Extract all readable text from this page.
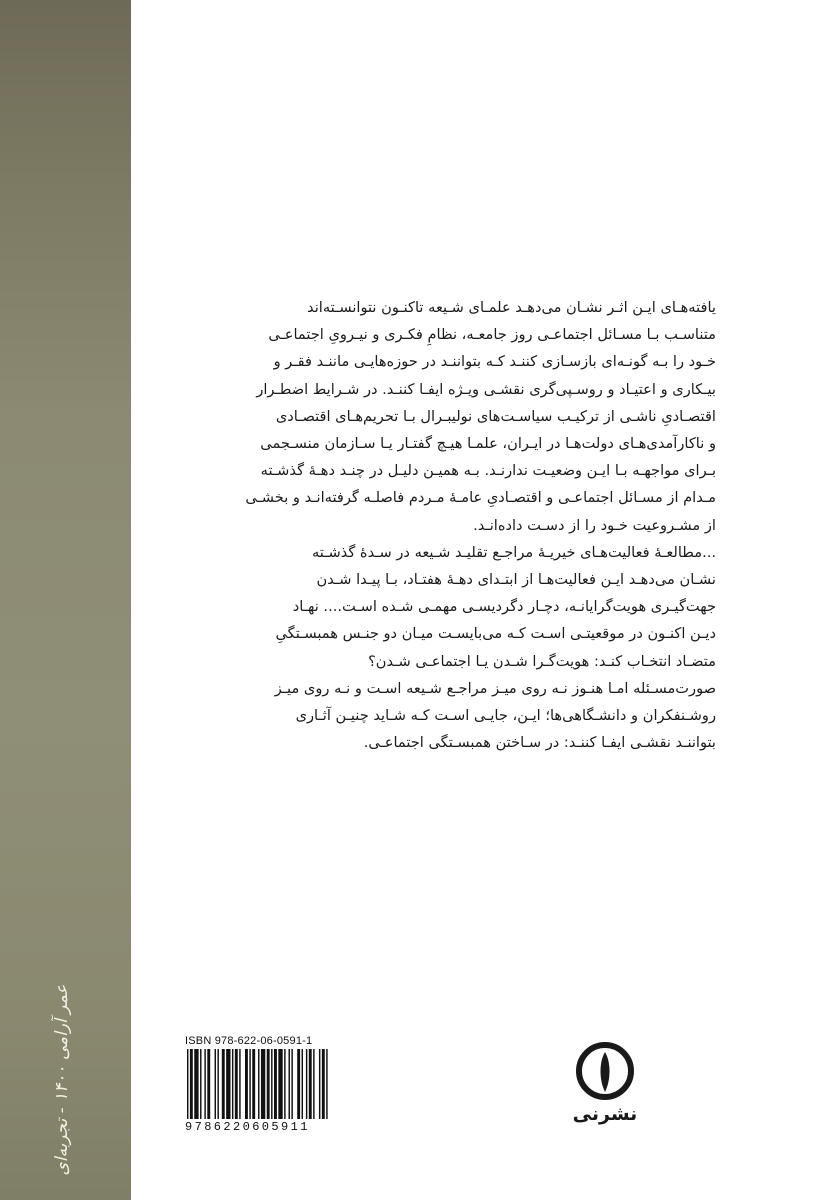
عمر آرامی ۱۴۰۰ - تجربه‌ای

یافته‌هـای ایـن اثـر نشـان می‌دهـد علمـای شـیعه تاکنـون نتوانسـته‌اند

متناسـب بـا مسـائل اجتماعـی روز جامعـه، نظامِ فکـری و نیـرویِ اجتماعـی

خـود را بـه گونـه‌ای بازسـازی کننـد کـه بتواننـد در حوزه‌هایـی ماننـد فقـر و

بیـکاری و اعتیـاد و روسـپی‌گری نقشـی ویـژه ایفـا کننـد. در شـرایط اضطـرار

اقتصـادیِ ناشـی از ترکیـب سیاسـت‌های نولیبـرال بـا تحریم‌هـای اقتصـادی

و ناکارآمدی‌هـای دولت‌هـا در ایـران، علمـا هیـچ گفتـار یـا سـازمان منسـجمی

بـرای مواجهـه بـا ایـن وضعیـت ندارنـد. بـه همیـن دلیـل در چنـد دهـهٔ گذشـته

مـدام از مسـائل اجتماعـی و اقتصـادیِ عامـهٔ مـردم فاصلـه گرفته‌انـد و بخشـی

از مشـروعیت خـود را از دسـت داده‌انـد.

...مطالعـهٔ فعالیت‌هـای خیریـهٔ مراجـع تقلیـد شـیعه در سـدهٔ گذشـته

نشـان می‌دهـد ایـن فعالیت‌هـا از ابتـدای دهـهٔ هفتـاد، بـا پیـدا شـدن

جهت‌گیـری هویت‌گرایانـه، دچـار دگردیسـی مهمـی شـده اسـت.... نهـاد

دیـن اکنـون در موقعیتـی اسـت کـه می‌بایسـت میـان دو جنـس همبسـتگیِ

متضـاد انتخـاب کنـد: هویت‌گـرا شـدن یـا اجتماعـی شـدن؟

صورت‌مسـئله امـا هنـوز نـه روی میـز مراجـع شـیعه اسـت و نـه روی میـز

روشـنفکران و دانشـگاهی‌ها؛ ایـن، جایـی اسـت کـه شـاید چنیـن آثـاری

بتواننـد نقشـی ایفـا کننـد: در سـاختن همبسـتگی اجتماعـی.

ISBN 978-622-06-0591-1
9786220605911
نشرنی
